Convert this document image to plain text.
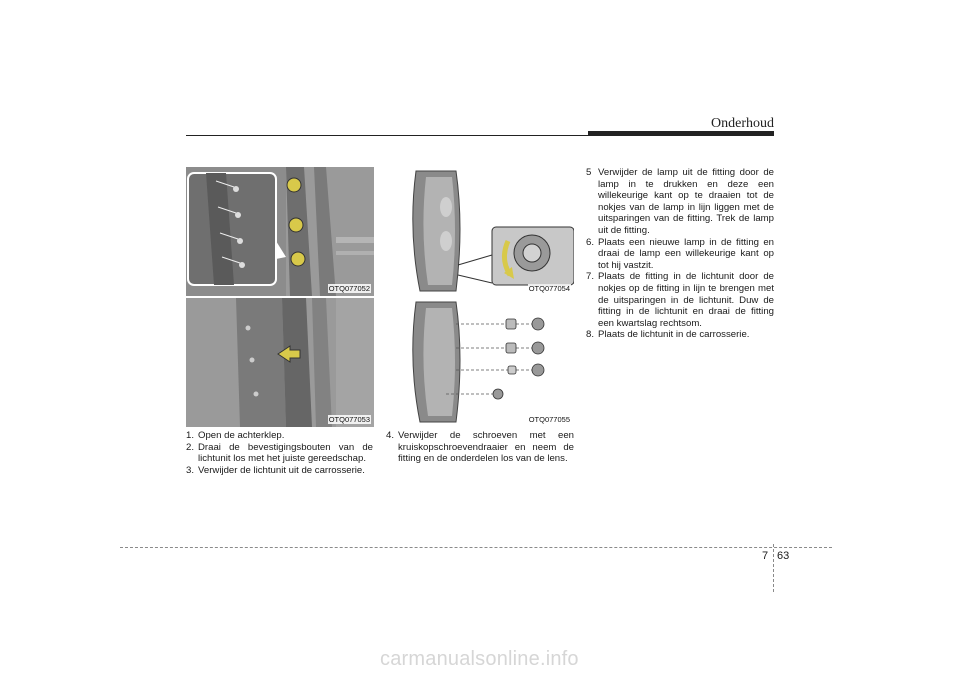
Onderhoud
OTQ077052
OTQ077053
OTQ077054
OTQ077055
1. Open de achterklep.
2. Draai de bevestigingsbouten van de lichtunit los met het juiste gereedschap.
3. Verwijder de lichtunit uit de carrosserie.
4. Verwijder de schroeven met een kruiskopschroevendraaier en neem de fitting en de onderdelen los van de lens.
5 Verwijder de lamp uit de fitting door de lamp in te drukken en deze een willekeurige kant op te draaien tot de nokjes van de lamp in lijn liggen met de uitsparingen van de fitting. Trek de lamp uit de fitting.
6. Plaats een nieuwe lamp in de fitting en draai de lamp een willekeurige kant op tot hij vastzit.
7. Plaats de fitting in de lichtunit door de nokjes op de fitting in lijn te brengen met de uitsparingen in de lichtunit. Duw de fitting in de lichtunit en draai de fitting een kwartslag rechtsom.
8. Plaats de lichtunit in de carrosserie.
7 63
carmanualsonline.info
